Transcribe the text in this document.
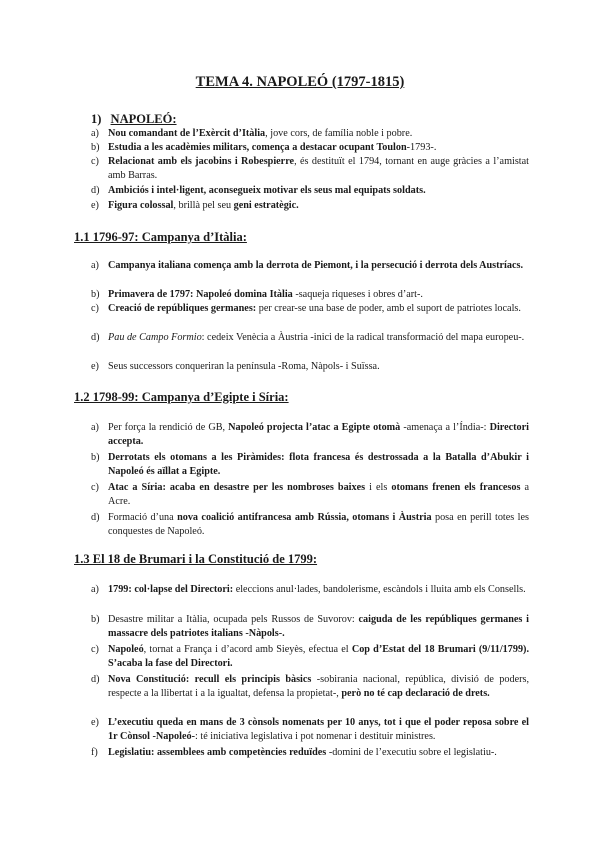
TEMA 4. NAPOLEÓ (1797-1815)
1) NAPOLEÓ:
a) Nou comandant de l’Exèrcit d’Itàlia, jove cors, de família noble i pobre.
b) Estudia a les acadèmies militars, comença a destacar ocupant Toulon-1793-.
c) Relacionat amb els jacobins i Robespierre, és destituït el 1794, tornant en auge gràcies a l’amistat amb Barras.
d) Ambiciós i intel·ligent, aconsegueix motivar els seus mal equipats soldats.
e) Figura colossal, brillà pel seu geni estratègic.
1.1 1796-97: Campanya d’Itàlia:
a) Campanya italiana comença amb la derrota de Piemont, i la persecució i derrota dels Austríacs.
b) Primavera de 1797: Napoleó domina Itàlia -saqueja riqueses i obres d’art-.
c) Creació de repúbliques germanes: per crear-se una base de poder, amb el suport de patriotes locals.
d) Pau de Campo Formio: cedeix Venècia a Àustria -inici de la radical transformació del mapa europeu-.
e) Seus successors conqueriran la península -Roma, Nàpols- i Suïssa.
1.2 1798-99: Campanya d’Egipte i Síria:
a) Per força la rendició de GB, Napoleó projecta l’atac a Egipte otomà -amenaça a l’Índia-: Directori accepta.
b) Derrotats els otomans a les Piràmides: flota francesa és destrossada a la Batalla d’Abukir i Napoleó és aïllat a Egipte.
c) Atac a Síria: acaba en desastre per les nombroses baixes i els otomans frenen els francesos a Acre.
d) Formació d’una nova coalició antifrancesa amb Rússia, otomans i Àustria posa en perill totes les conquestes de Napoleó.
1.3 El 18 de Brumari i la Constitució de 1799:
a) 1799: col·lapse del Directori: eleccions anul·lades, bandolerisme, escàndols i lluita amb els Consells.
b) Desastre militar a Itàlia, ocupada pels Russos de Suvorov: caiguda de les repúbliques germanes i massacre dels patriotes italians -Nàpols-.
c) Napoleó, tornat a França i d’acord amb Sieyès, efectua el Cop d’Estat del 18 Brumari (9/11/1799). S’acaba la fase del Directori.
d) Nova Constitució: recull els principis bàsics -sobirania nacional, república, divisió de poders, respecte a la llibertat i a la igualtat, defensa la propietat-, però no té cap declaració de drets.
e) L’executiu queda en mans de 3 cònsols nomenats per 10 anys, tot i que el poder reposa sobre el 1r Cònsol -Napoleó-: té iniciativa legislativa i pot nomenar i destituir ministres.
f) Legislatiu: assemblees amb competències reduïdes -domini de l’executiu sobre el legislatiu-.
